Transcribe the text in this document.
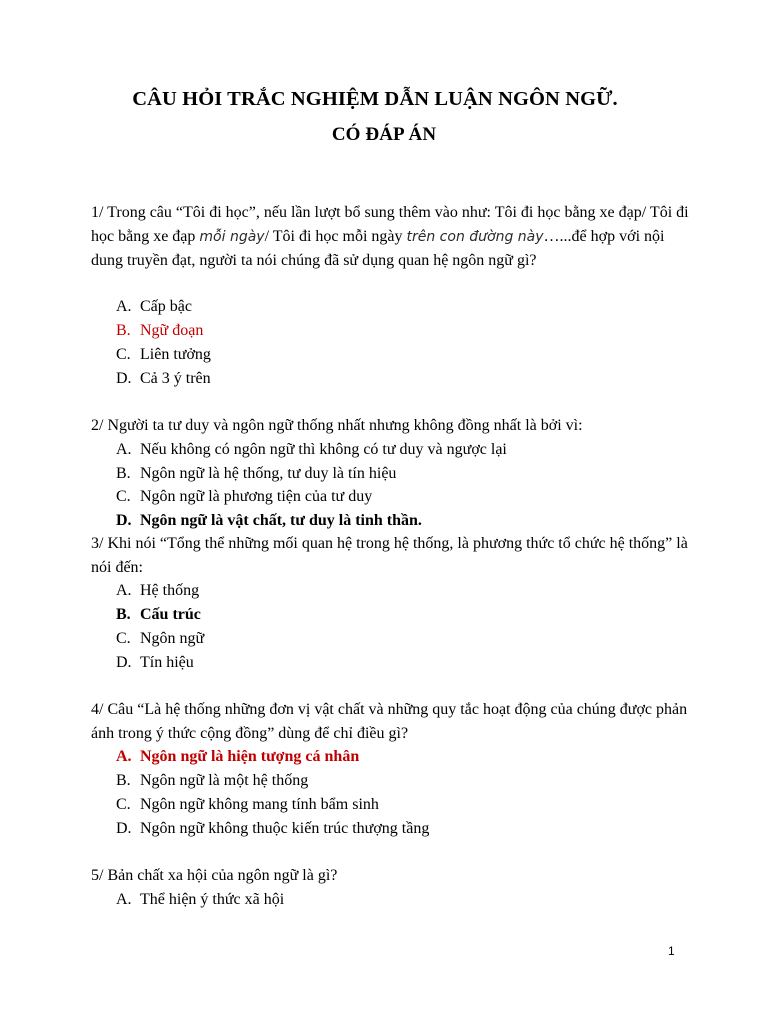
CÂU HỎI TRẮC NGHIỆM DẪN LUẬN NGÔN NGỮ.
CÓ ĐÁP ÁN
1/ Trong câu “Tôi đi học”, nếu lần lượt bổ sung thêm vào như: Tôi đi học bằng xe đạp/ Tôi đi học bằng xe đạp mỗi ngày/ Tôi đi học mỗi ngày trên con đường này…...để hợp với nội dung truyền đạt, người ta nói chúng đã sử dụng quan hệ ngôn ngữ gì?
A. Cấp bậc
B. Ngữ đoạn
C. Liên tưởng
D. Cả 3 ý trên
2/ Người ta tư duy và ngôn ngữ thống nhất nhưng không đồng nhất là bởi vì:
A. Nếu không có ngôn ngữ thì không có tư duy và ngược lại
B. Ngôn ngữ là hệ thống, tư duy là tín hiệu
C. Ngôn ngữ là phương tiện của tư duy
D. Ngôn ngữ là vật chất, tư duy là tinh thần.
3/ Khi nói “Tổng thể những mối quan hệ trong hệ thống, là phương thức tổ chức hệ thống” là nói đến:
A. Hệ thống
B. Cấu trúc
C. Ngôn ngữ
D. Tín hiệu
4/ Câu “Là hệ thống những đơn vị vật chất và những quy tắc hoạt động của chúng được phản ánh trong ý thức cộng đồng” dùng để chỉ điều gì?
A. Ngôn ngữ là hiện tượng cá nhân
B. Ngôn ngữ là một hệ thống
C. Ngôn ngữ không mang tính bẩm sinh
D. Ngôn ngữ không thuộc kiến trúc thượng tầng
5/ Bản chất xa hội của ngôn ngữ là gì?
A. Thể hiện ý thức xã hội
1
